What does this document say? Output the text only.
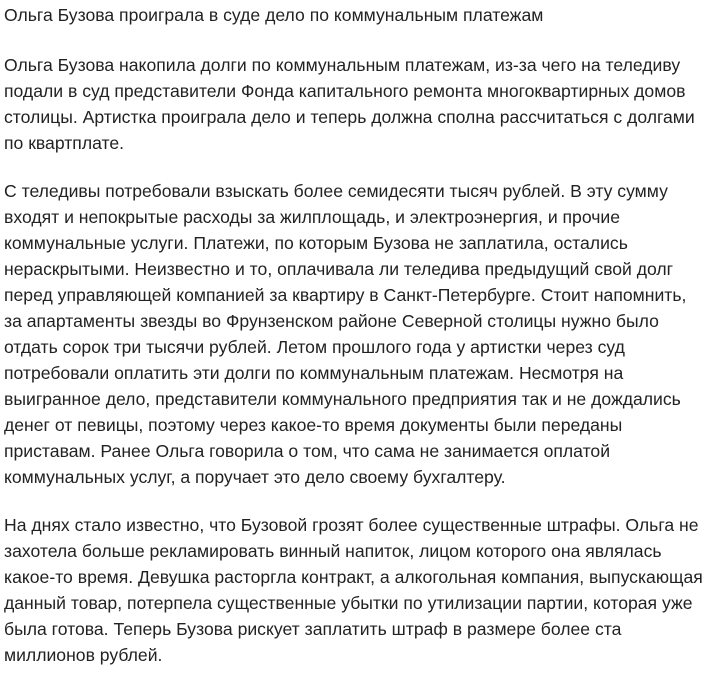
Ольга Бузова проиграла в суде дело по коммунальным платежам

Ольга Бузова накопила долги по коммунальным платежам, из-за чего на теледиву подали в суд представители Фонда капитального ремонта многоквартирных домов столицы. Артистка проиграла дело и теперь должна сполна рассчитаться с долгами по квартплате.

С теледивы потребовали взыскать более семидесяти тысяч рублей. В эту сумму входят и непокрытые расходы за жилплощадь, и электроэнергия, и прочие коммунальные услуги. Платежи, по которым Бузова не заплатила, остались нераскрытыми. Неизвестно и то, оплачивала ли теледива предыдущий свой долг перед управляющей компанией за квартиру в Санкт-Петербурге. Стоит напомнить, за апартаменты звезды во Фрунзенском районе Северной столицы нужно было отдать сорок три тысячи рублей. Летом прошлого года у артистки через суд потребовали оплатить эти долги по коммунальным платежам. Несмотря на выигранное дело, представители коммунального предприятия так и не дождались денег от певицы, поэтому через какое-то время документы были переданы приставам. Ранее Ольга говорила о том, что сама не занимается оплатой коммунальных услуг, а поручает это дело своему бухгалтеру.

На днях стало известно, что Бузовой грозят более существенные штрафы. Ольга не захотела больше рекламировать винный напиток, лицом которого она являлась какое-то время. Девушка расторгла контракт, а алкогольная компания, выпускающая данный товар, потерпела существенные убытки по утилизации партии, которая уже была готова. Теперь Бузова рискует заплатить штраф в размере более ста миллионов рублей.
